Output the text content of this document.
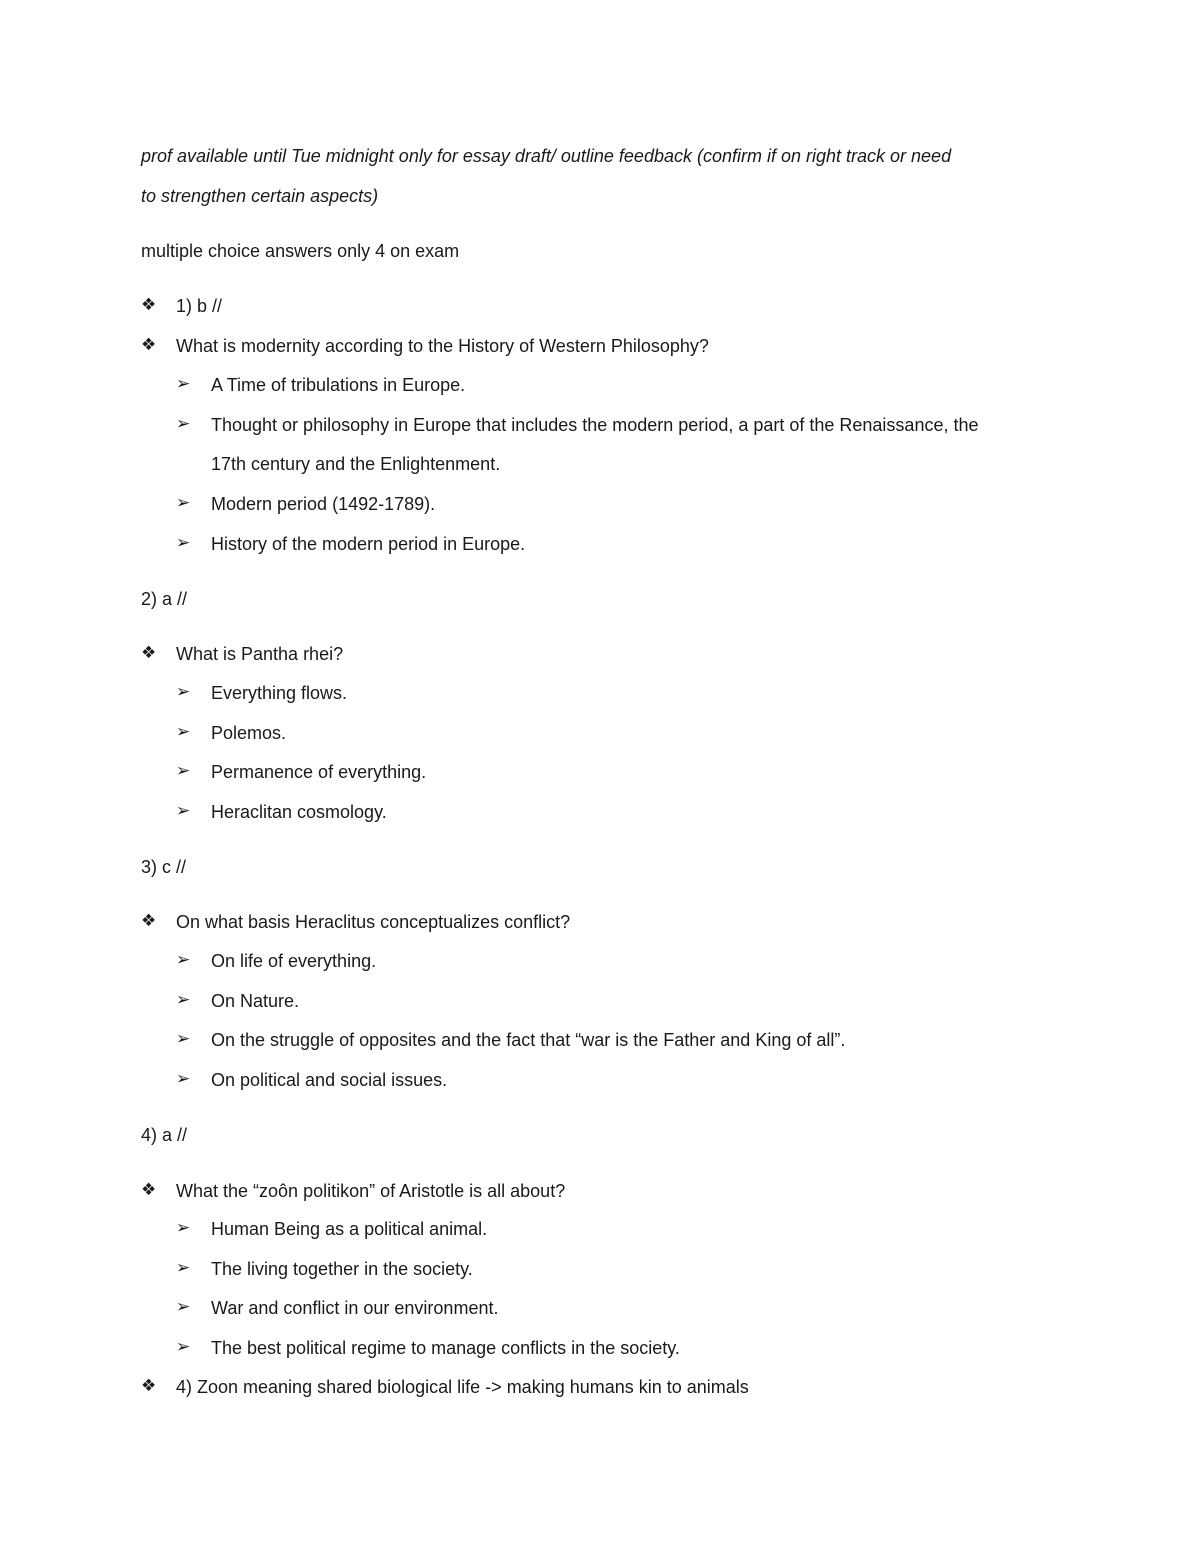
prof available until Tue midnight only for essay draft/ outline feedback (confirm if on right track or need
to strengthen certain aspects)
multiple choice answers only 4 on exam
❖ 1) b //
❖ What is modernity according to the History of Western Philosophy?
➢ A Time of tribulations in Europe.
➢ Thought or philosophy in Europe that includes the modern period, a part of the Renaissance, the
17th century and the Enlightenment.
➢ Modern period (1492-1789).
➢ History of the modern period in Europe.
2) a //
❖ What is Pantha rhei?
➢ Everything flows.
➢ Polemos.
➢ Permanence of everything.
➢ Heraclitan cosmology.
3) c //
❖ On what basis Heraclitus conceptualizes conflict?
➢ On life of everything.
➢ On Nature.
➢ On the struggle of opposites and the fact that “war is the Father and King of all”.
➢ On political and social issues.
4) a //
❖ What the “zoôn politikon” of Aristotle is all about?
➢ Human Being as a political animal.
➢ The living together in the society.
➢ War and conflict in our environment.
➢ The best political regime to manage conflicts in the society.
❖ 4) Zoon meaning shared biological life -> making humans kin to animals
